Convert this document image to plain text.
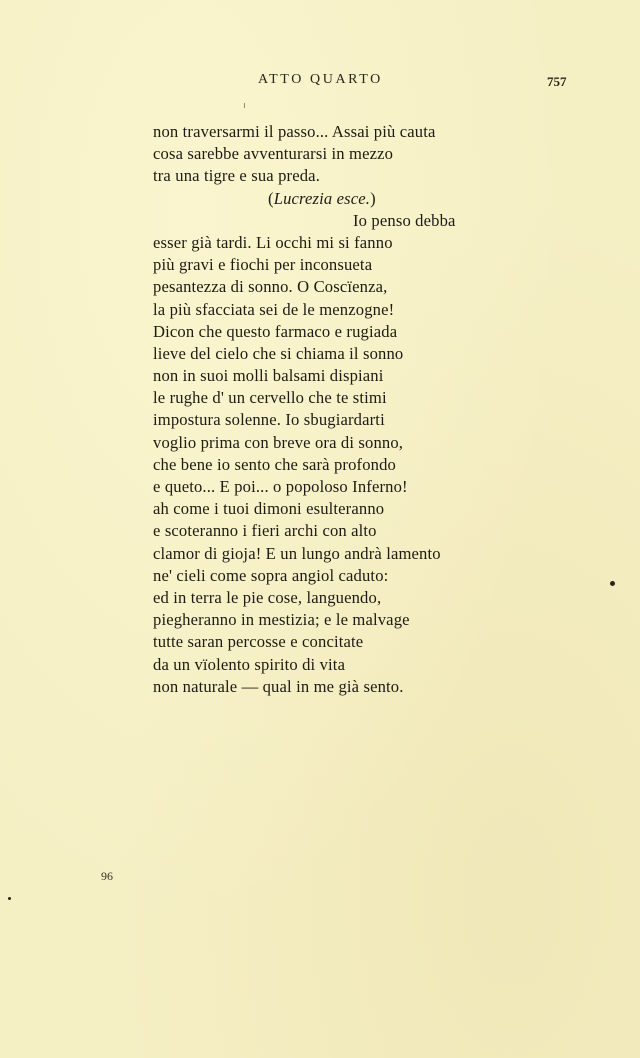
ATTO QUARTO	757
non traversarmi il passo... Assai più cauta
cosa sarebbe avventurarsi in mezzo
tra una tigre e sua preda.
(Lucrezia esce.)
Io penso debba
esser già tardi. Li occhi mi si fanno
più gravi e fiochi per inconsueta
pesantezza di sonno. O Coscïenza,
la più sfacciata sei de le menzogne!
Dicon che questo farmaco e rugiada
lieve del cielo che si chiama il sonno
non in suoi molli balsami dispiani
le rughe d' un cervello che te stimi
impostura solenne. Io sbugiardarti
voglio prima con breve ora di sonno,
che bene io sento che sarà profondo
e queto... E poi... o popoloso Inferno!
ah come i tuoi dimoni esulteranno
e scoteranno i fieri archi con alto
clamor di gioja! E un lungo andrà lamento
ne' cieli come sopra angiol caduto:
ed in terra le pie cose, languendo,
piegheranno in mestizia; e le malvage
tutte saran percosse e concitate
da un vïolento spirito di vita
non naturale — qual in me già sento.
96
